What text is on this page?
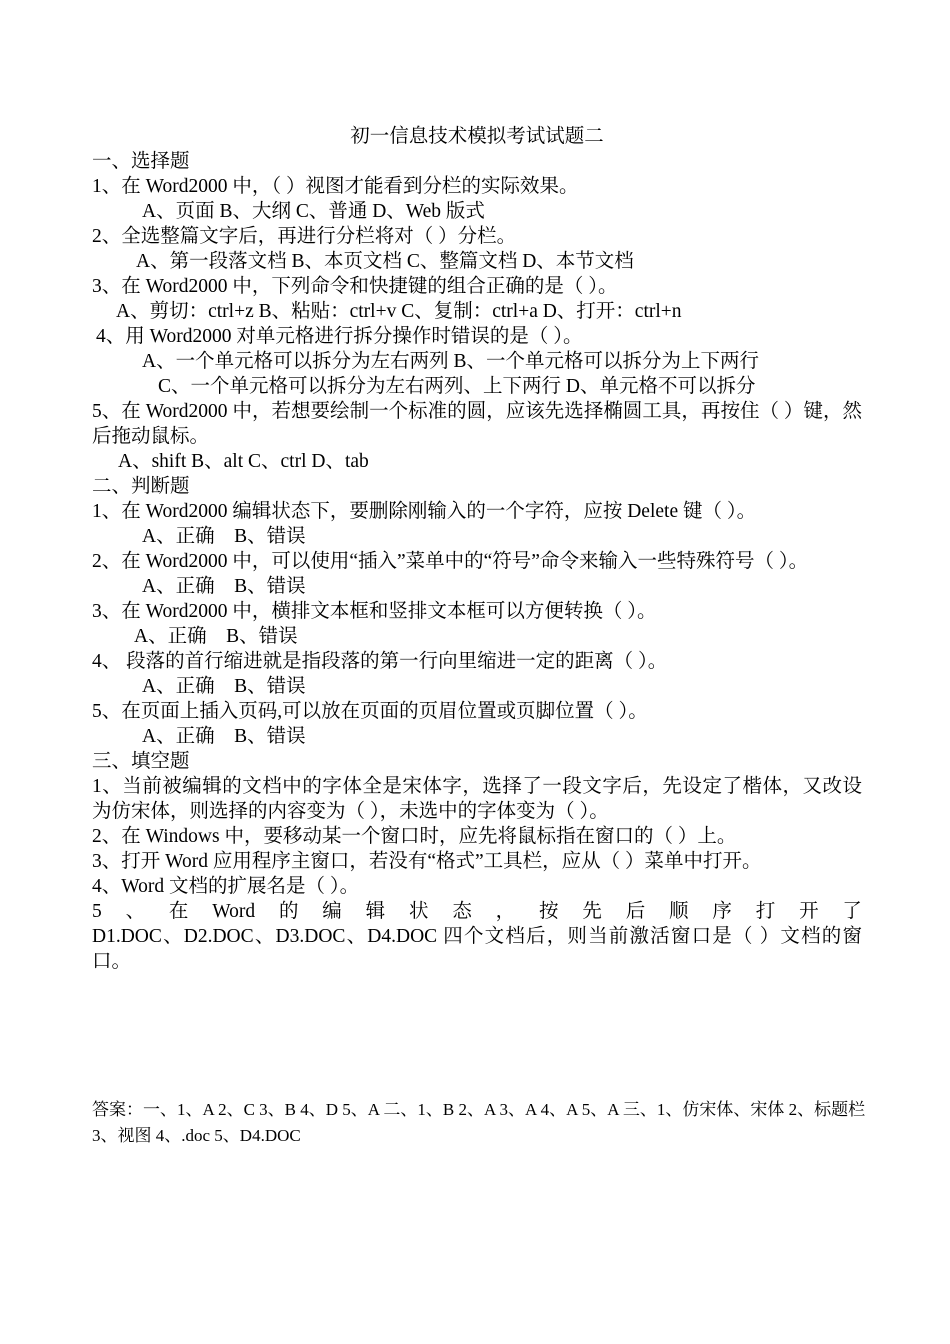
初一信息技术模拟考试试题二
一、选择题
1、在 Word2000 中，（ ）视图才能看到分栏的实际效果。
A、页面 B、大纲 C、普通 D、Web 版式
2、全选整篇文字后，再进行分栏将对（ ）分栏。
A、第一段落文档 B、本页文档 C、整篇文档 D、本节文档
3、在 Word2000 中，下列命令和快捷键的组合正确的是（ ）。
A、剪切：ctrl+z B、粘贴：ctrl+v C、复制：ctrl+a D、打开：ctrl+n
4、用 Word2000 对单元格进行拆分操作时错误的是（ ）。
A、一个单元格可以拆分为左右两列 B、一个单元格可以拆分为上下两行
C、一个单元格可以拆分为左右两列、上下两行 D、单元格不可以拆分
5、在 Word2000 中，若想要绘制一个标准的圆，应该先选择椭圆工具，再按住（ ）键，然后拖动鼠标。
A、shift B、alt C、ctrl D、tab
二、判断题
1、在 Word2000 编辑状态下，要删除刚输入的一个字符，应按 Delete 键（ ）。
A、正确　B、错误
2、在 Word2000 中，可以使用“插入”菜单中的“符号”命令来输入一些特殊符号（ ）。
A、正确　B、错误
3、在 Word2000 中，横排文本框和竖排文本框可以方便转换（ ）。
A、正确　B、错误
4、 段落的首行缩进就是指段落的第一行向里缩进一定的距离（ ）。
A、正确　B、错误
5、在页面上插入页码,可以放在页面的页眉位置或页脚位置（ ）。
A、正确　B、错误
三、填空题
1、当前被编辑的文档中的字体全是宋体字，选择了一段文字后，先设定了楷体，又改设为仿宋体，则选择的内容变为（ ），未选中的字体变为（ ）。
2、在 Windows 中，要移动某一个窗口时，应先将鼠标指在窗口的（ ）上。
3、打开 Word 应用程序主窗口，若没有“格式”工具栏，应从（ ）菜单中打开。
4、Word 文档的扩展名是（ ）。
5 、 在 Word 的 编 辑 状 态 ， 按 先 后 顺 序 打 开 了
D1.DOC、D2.DOC、D3.DOC、D4.DOC 四个文档后，则当前激活窗口是（ ）文档的窗口。
答案：一、1、A 2、C 3、B 4、D 5、A 二、1、B 2、A 3、A 4、A 5、A 三、1、仿宋体、宋体 2、标题栏 3、视图 4、.doc 5、D4.DOC
